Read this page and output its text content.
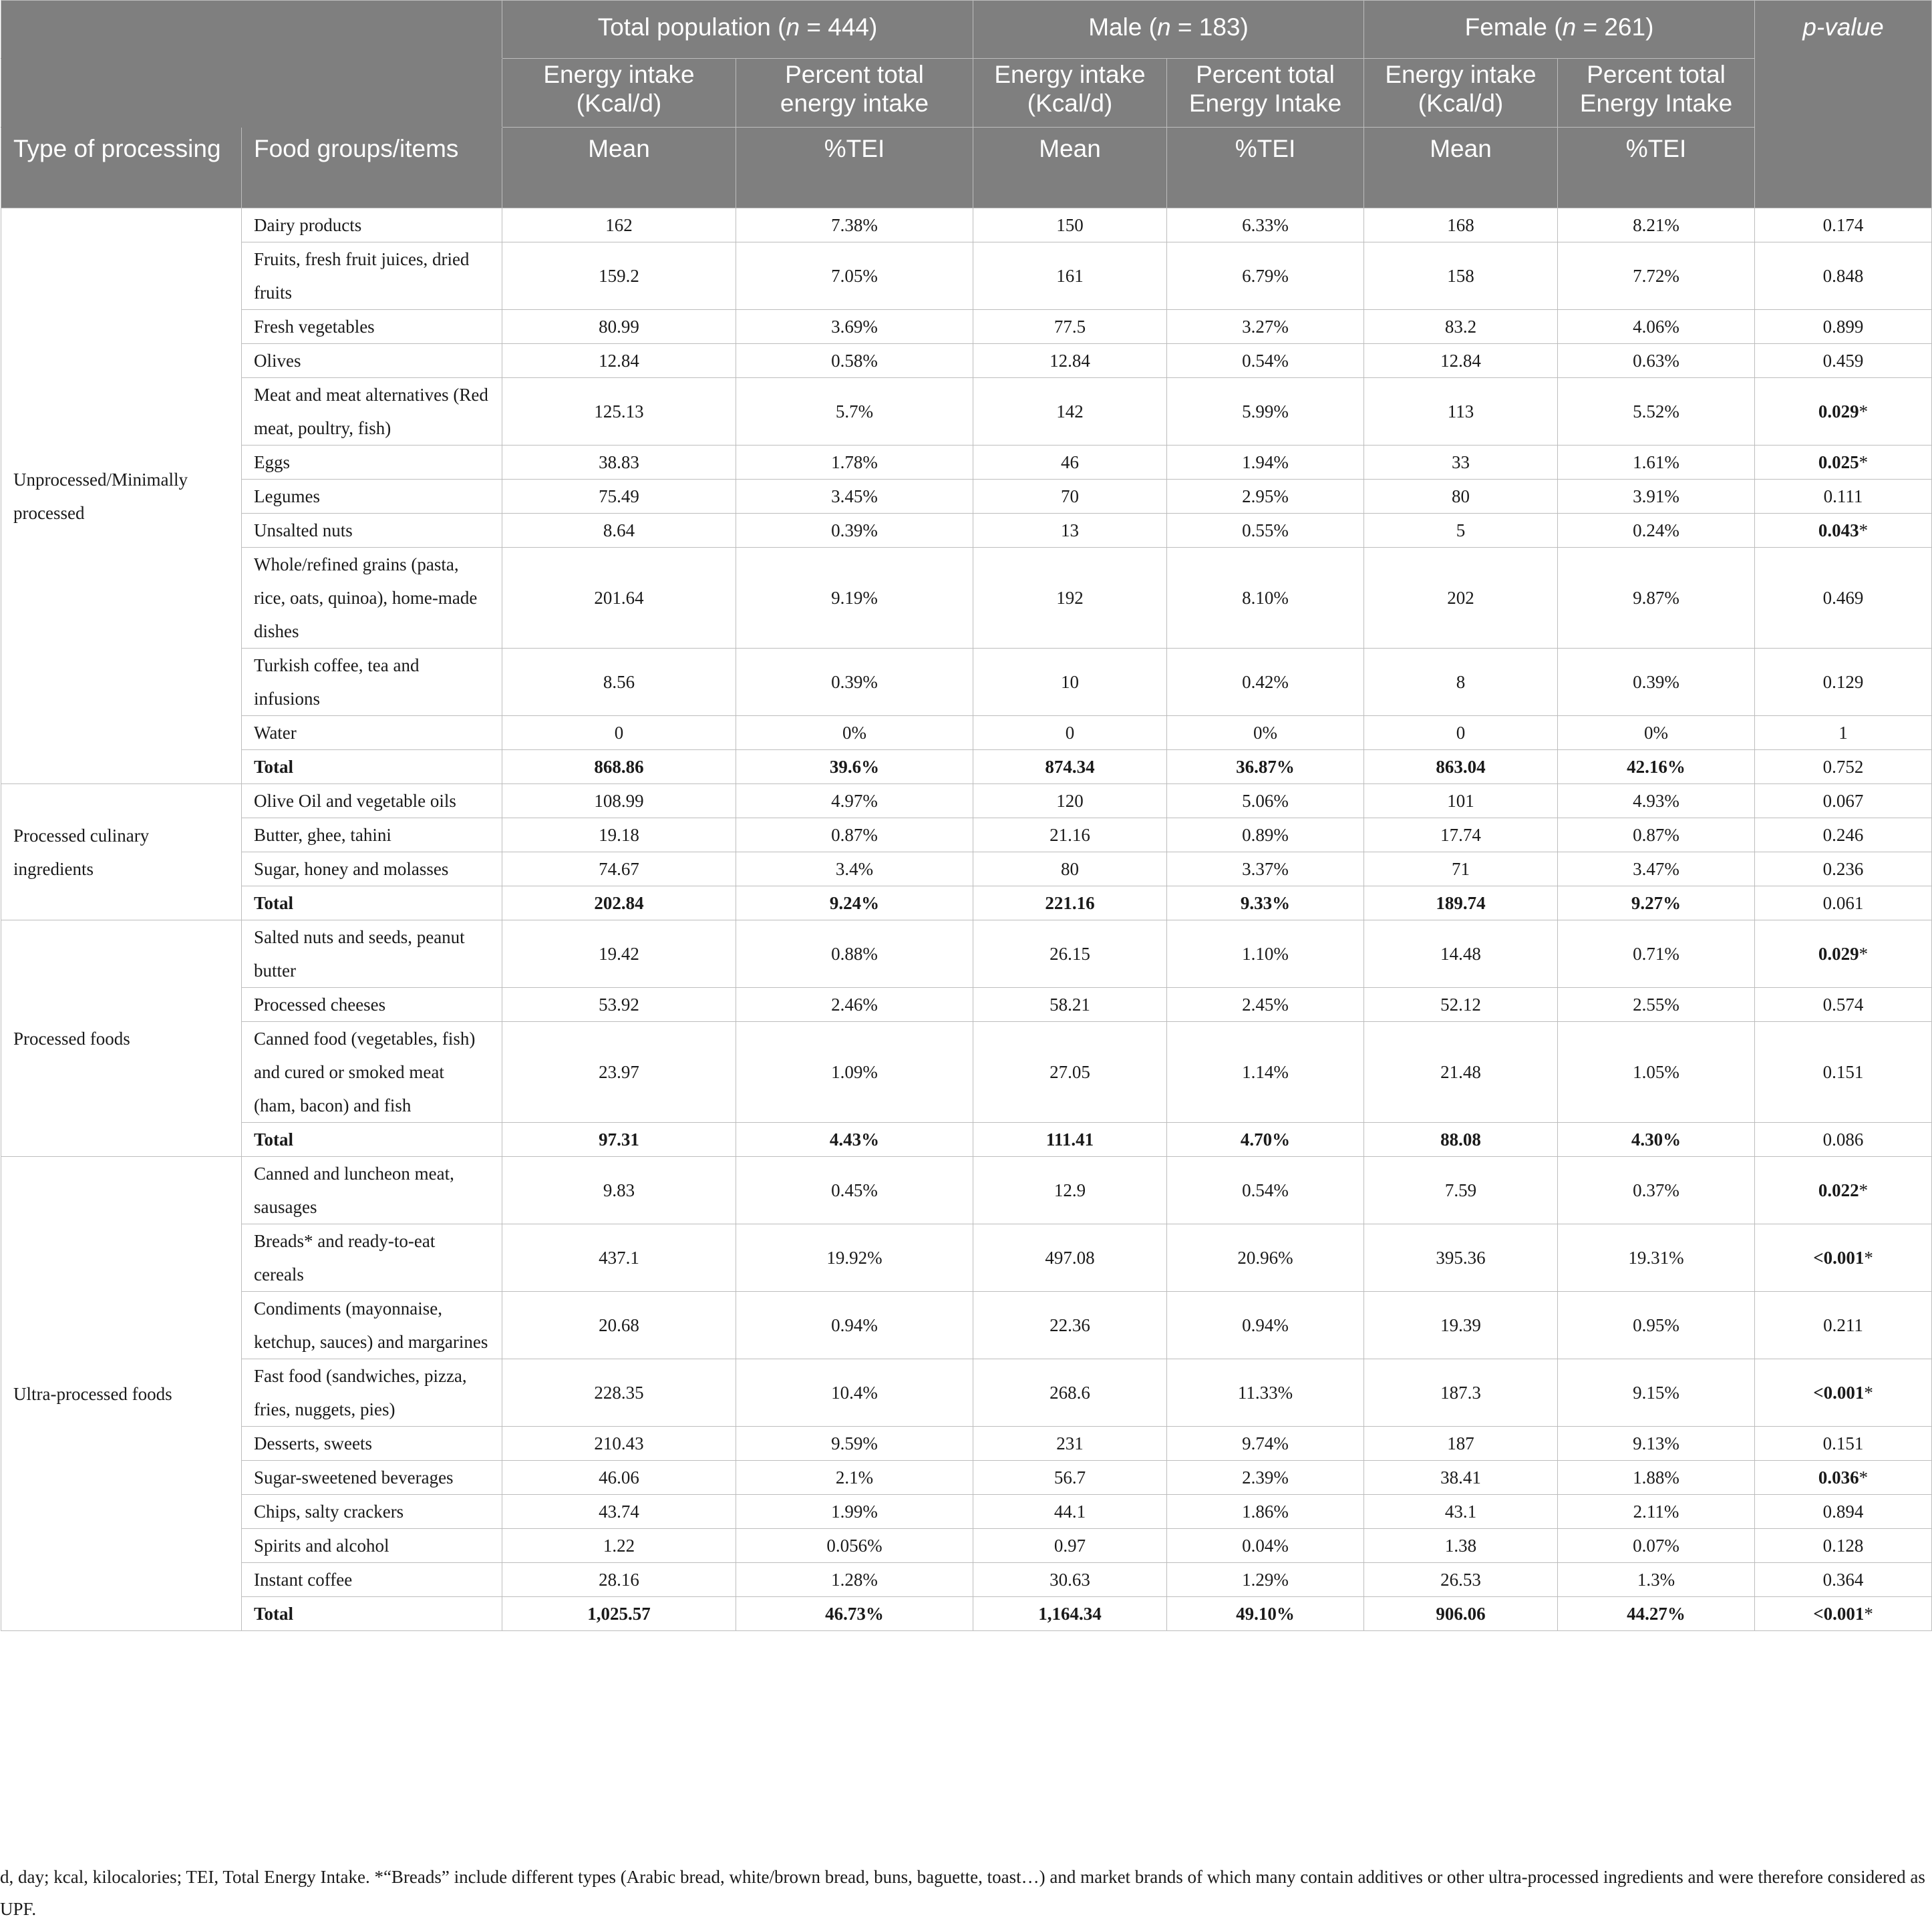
		Total population (n = 444)		Male (n = 183)		Female (n = 261)		p-value
		Energy intake (Kcal/d)	Percent total energy intake	Energy intake (Kcal/d)	Percent total Energy Intake	Energy intake (Kcal/d)	Percent total Energy Intake	
Type of processing	Food groups/items	Mean	%TEI	Mean	%TEI	Mean	%TEI	
Unprocessed/Minimally processed	Dairy products	162	7.38%	150	6.33%	168	8.21%	0.174
	Fruits, fresh fruit juices, dried fruits	159.2	7.05%	161	6.79%	158	7.72%	0.848
	Fresh vegetables	80.99	3.69%	77.5	3.27%	83.2	4.06%	0.899
	Olives	12.84	0.58%	12.84	0.54%	12.84	0.63%	0.459
	Meat and meat alternatives (Red meat, poultry, fish)	125.13	5.7%	142	5.99%	113	5.52%	0.029*
	Eggs	38.83	1.78%	46	1.94%	33	1.61%	0.025*
	Legumes	75.49	3.45%	70	2.95%	80	3.91%	0.111
	Unsalted nuts	8.64	0.39%	13	0.55%	5	0.24%	0.043*
	Whole/refined grains (pasta, rice, oats, quinoa), home-made dishes	201.64	9.19%	192	8.10%	202	9.87%	0.469
	Turkish coffee, tea and infusions	8.56	0.39%	10	0.42%	8	0.39%	0.129
	Water	0	0%	0	0%	0	0%	1
	Total	868.86	39.6%	874.34	36.87%	863.04	42.16%	0.752
Processed culinary ingredients	Olive Oil and vegetable oils	108.99	4.97%	120	5.06%	101	4.93%	0.067
	Butter, ghee, tahini	19.18	0.87%	21.16	0.89%	17.74	0.87%	0.246
	Sugar, honey and molasses	74.67	3.4%	80	3.37%	71	3.47%	0.236
	Total	202.84	9.24%	221.16	9.33%	189.74	9.27%	0.061
Processed foods	Salted nuts and seeds, peanut butter	19.42	0.88%	26.15	1.10%	14.48	0.71%	0.029*
	Processed cheeses	53.92	2.46%	58.21	2.45%	52.12	2.55%	0.574
	Canned food (vegetables, fish) and cured or smoked meat (ham, bacon) and fish	23.97	1.09%	27.05	1.14%	21.48	1.05%	0.151
	Total	97.31	4.43%	111.41	4.70%	88.08	4.30%	0.086
Ultra-processed foods	Canned and luncheon meat, sausages	9.83	0.45%	12.9	0.54%	7.59	0.37%	0.022*
	Breads* and ready-to-eat cereals	437.1	19.92%	497.08	20.96%	395.36	19.31%	<0.001*
	Condiments (mayonnaise, ketchup, sauces) and margarines	20.68	0.94%	22.36	0.94%	19.39	0.95%	0.211
	Fast food (sandwiches, pizza, fries, nuggets, pies)	228.35	10.4%	268.6	11.33%	187.3	9.15%	<0.001*
	Desserts, sweets	210.43	9.59%	231	9.74%	187	9.13%	0.151
	Sugar-sweetened beverages	46.06	2.1%	56.7	2.39%	38.41	1.88%	0.036*
	Chips, salty crackers	43.74	1.99%	44.1	1.86%	43.1	2.11%	0.894
	Spirits and alcohol	1.22	0.056%	0.97	0.04%	1.38	0.07%	0.128
	Instant coffee	28.16	1.28%	30.63	1.29%	26.53	1.3%	0.364
	Total	1,025.57	46.73%	1,164.34	49.10%	906.06	44.27%	<0.001*
d, day; kcal, kilocalories; TEI, Total Energy Intake. *“Breads” include different types (Arabic bread, white/brown bread, buns, baguette, toast…) and market brands of which many contain additives or other ultra-processed ingredients and were therefore considered as UPF.
